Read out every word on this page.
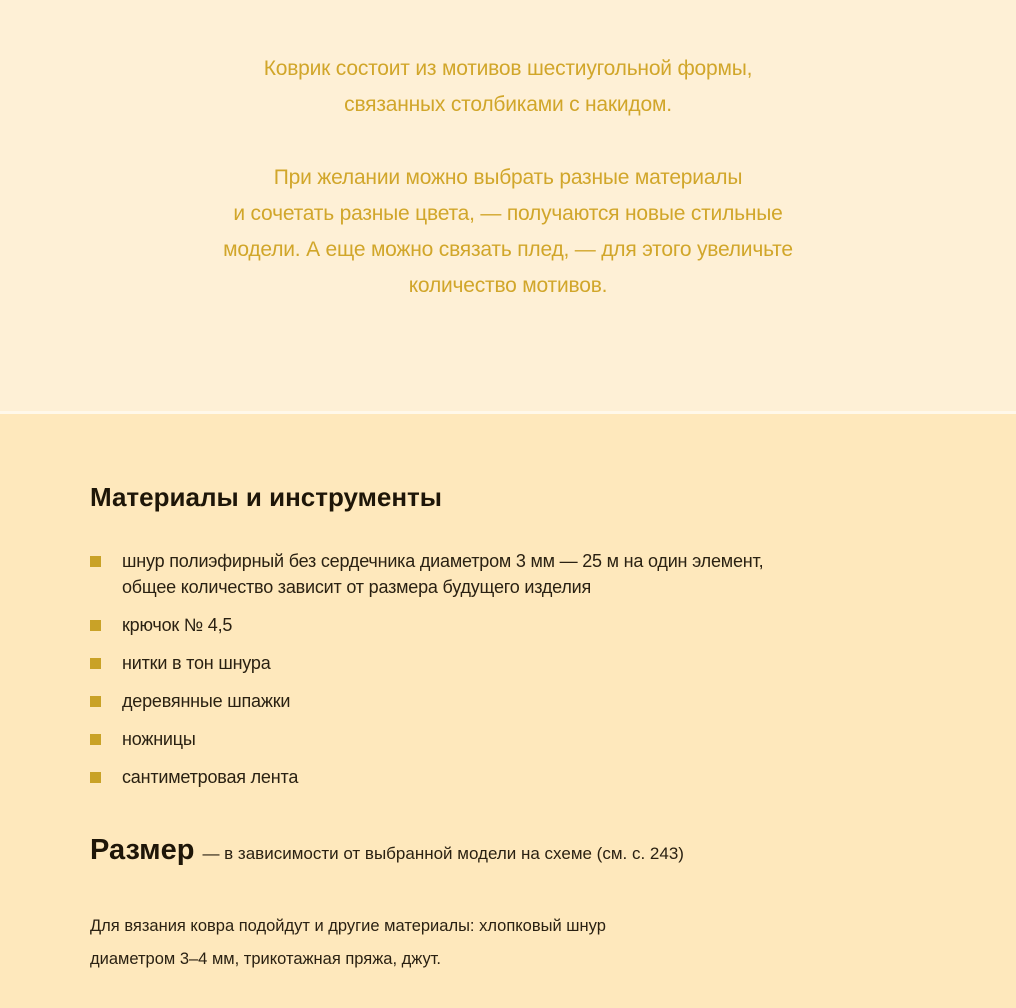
Коврик состоит из мотивов шестиугольной формы,
связанных столбиками с накидом.

При желании можно выбрать разные материалы
и сочетать разные цвета, — получаются новые стильные
модели. А еще можно связать плед, — для этого увеличьте
количество мотивов.

Материалы и инструменты
шнур полиэфирный без сердечника диаметром 3 мм — 25 м на один элемент,
общее количество зависит от размера будущего изделия
крючок № 4,5
нитки в тон шнура
деревянные шпажки
ножницы
сантиметровая лента
Размер — в зависимости от выбранной модели на схеме (см. с. 243)
Для вязания ковра подойдут и другие материалы: хлопковый шнур
диаметром 3–4 мм, трикотажная пряжа, джут.
